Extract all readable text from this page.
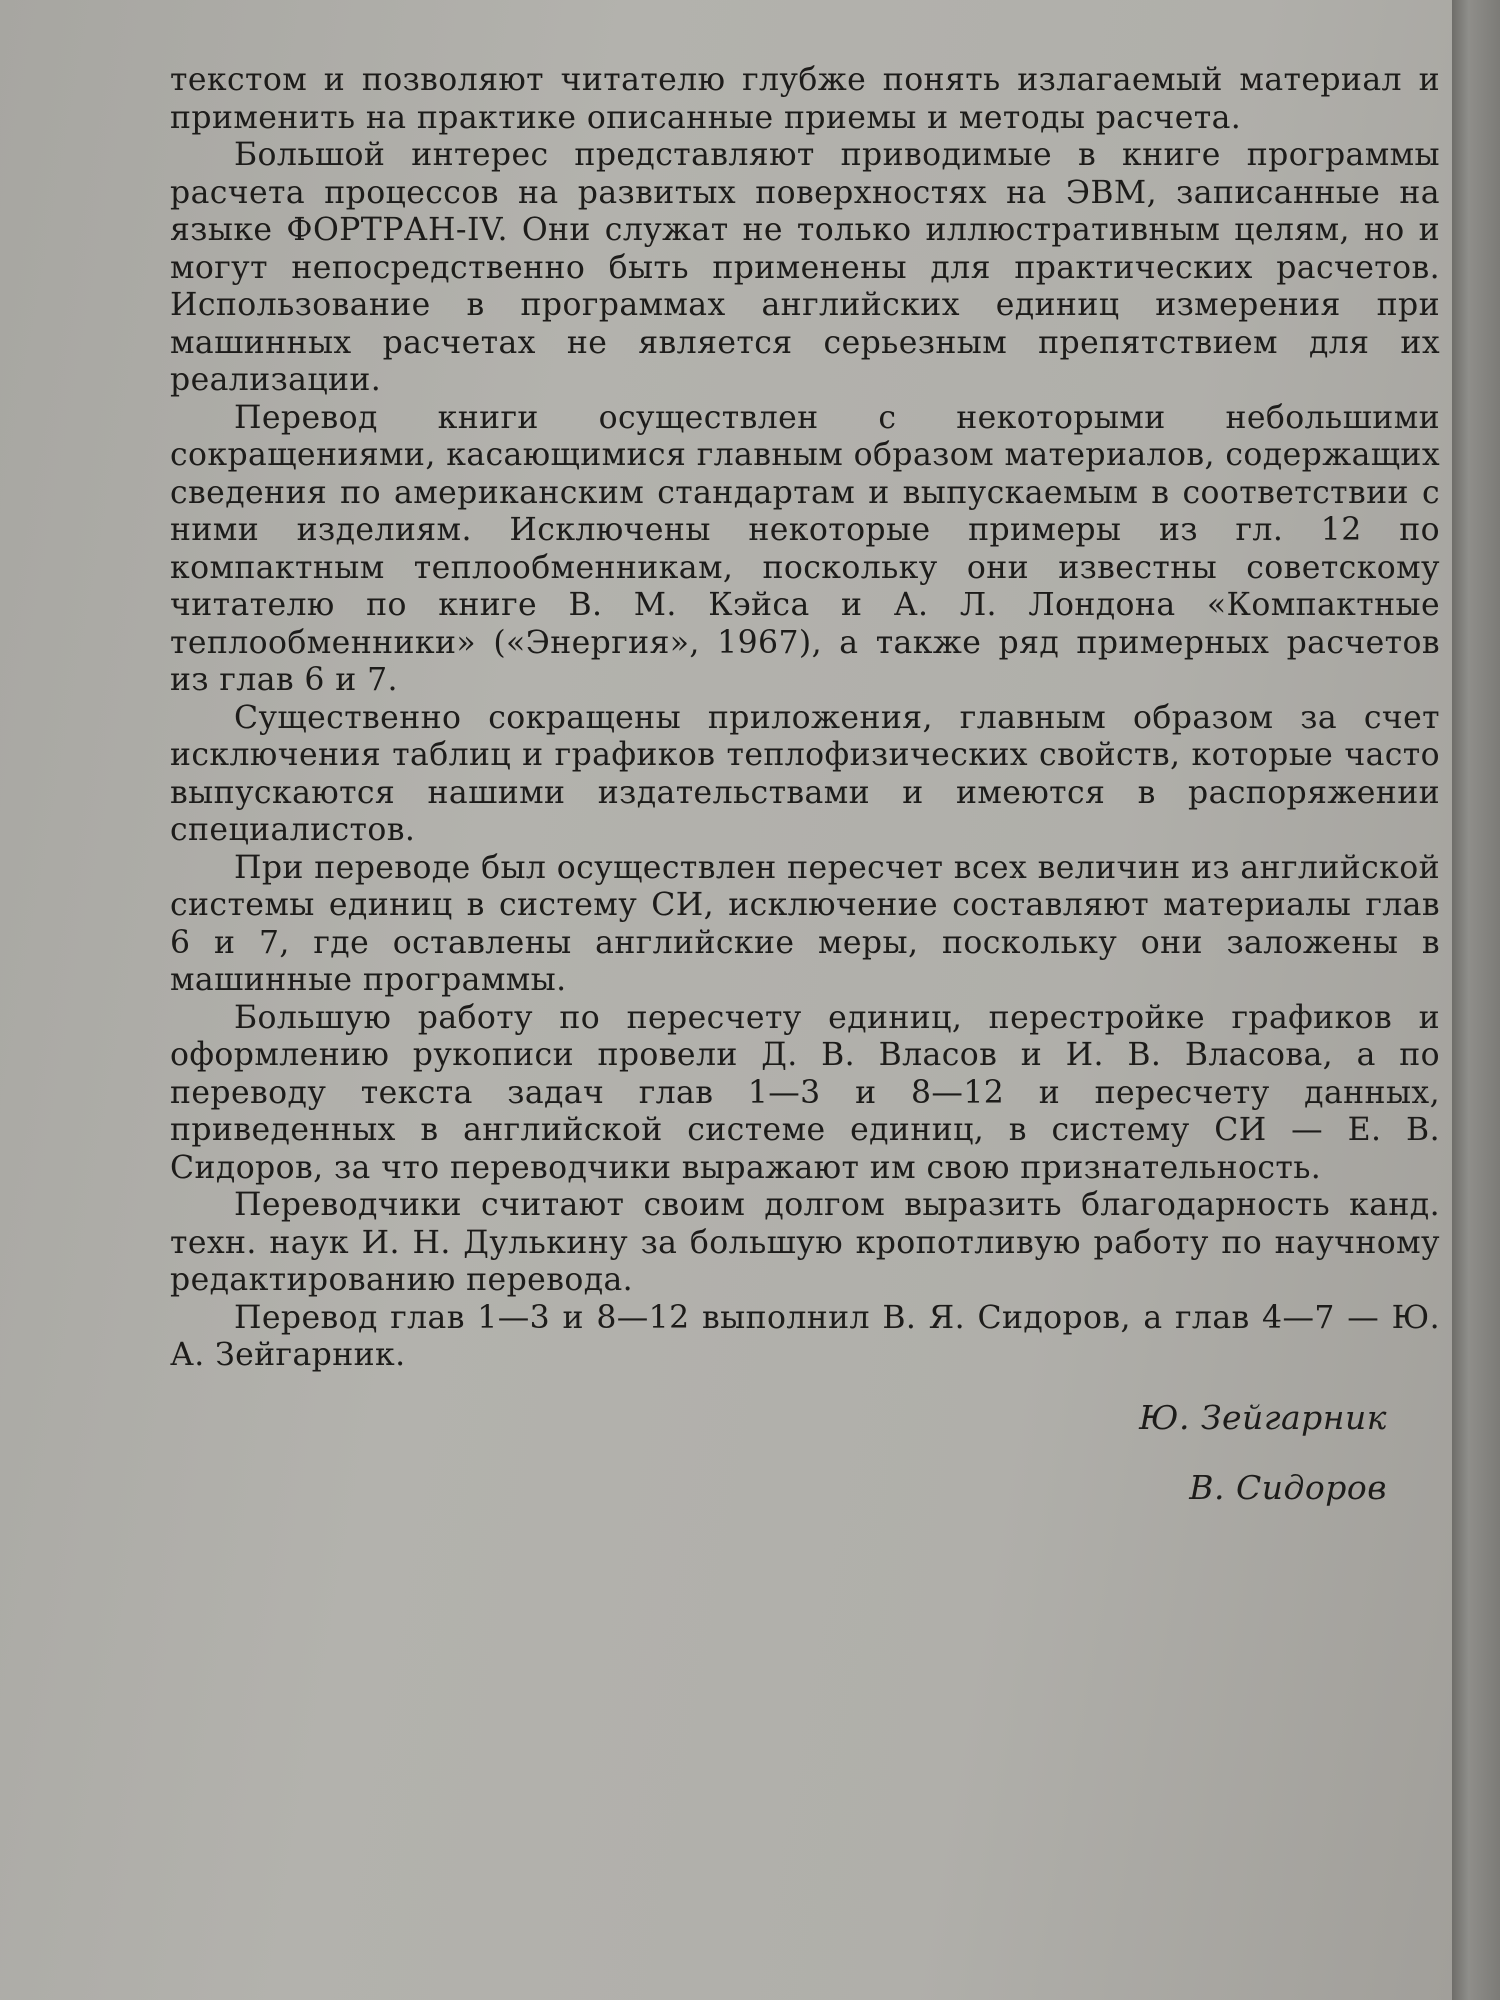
текстом и позволяют читателю глубже понять излагаемый материал и применить на практике описанные приемы и методы расчета.

Большой интерес представляют приводимые в книге программы расчета процессов на развитых поверхностях на ЭВМ, записанные на языке ФОРТРАН-IV. Они служат не только иллюстративным целям, но и могут непосредственно быть применены для практических расчетов. Использование в программах английских единиц измерения при машинных расчетах не является серьезным препятствием для их реализации.

Перевод книги осуществлен с некоторыми небольшими сокращениями, касающимися главным образом материалов, содержащих сведения по американским стандартам и выпускаемым в соответствии с ними изделиям. Исключены некоторые примеры из гл. 12 по компактным теплообменникам, поскольку они известны советскому читателю по книге В. М. Кэйса и А. Л. Лондона «Компактные теплообменники» («Энергия», 1967), а также ряд примерных расчетов из глав 6 и 7.

Существенно сокращены приложения, главным образом за счет исключения таблиц и графиков теплофизических свойств, которые часто выпускаются нашими издательствами и имеются в распоряжении специалистов.

При переводе был осуществлен пересчет всех величин из английской системы единиц в систему СИ, исключение составляют материалы глав 6 и 7, где оставлены английские меры, поскольку они заложены в машинные программы.

Большую работу по пересчету единиц, перестройке графиков и оформлению рукописи провели Д. В. Власов и И. В. Власова, а по переводу текста задач глав 1—3 и 8—12 и пересчету данных, приведенных в английской системе единиц, в систему СИ — Е. В. Сидоров, за что переводчики выражают им свою признательность.

Переводчики считают своим долгом выразить благодарность канд. техн. наук И. Н. Дулькину за большую кропотливую работу по научному редактированию перевода.

Перевод глав 1—3 и 8—12 выполнил В. Я. Сидоров, а глав 4—7 — Ю. А. Зейгарник.

Ю. Зейгарник
В. Сидоров
